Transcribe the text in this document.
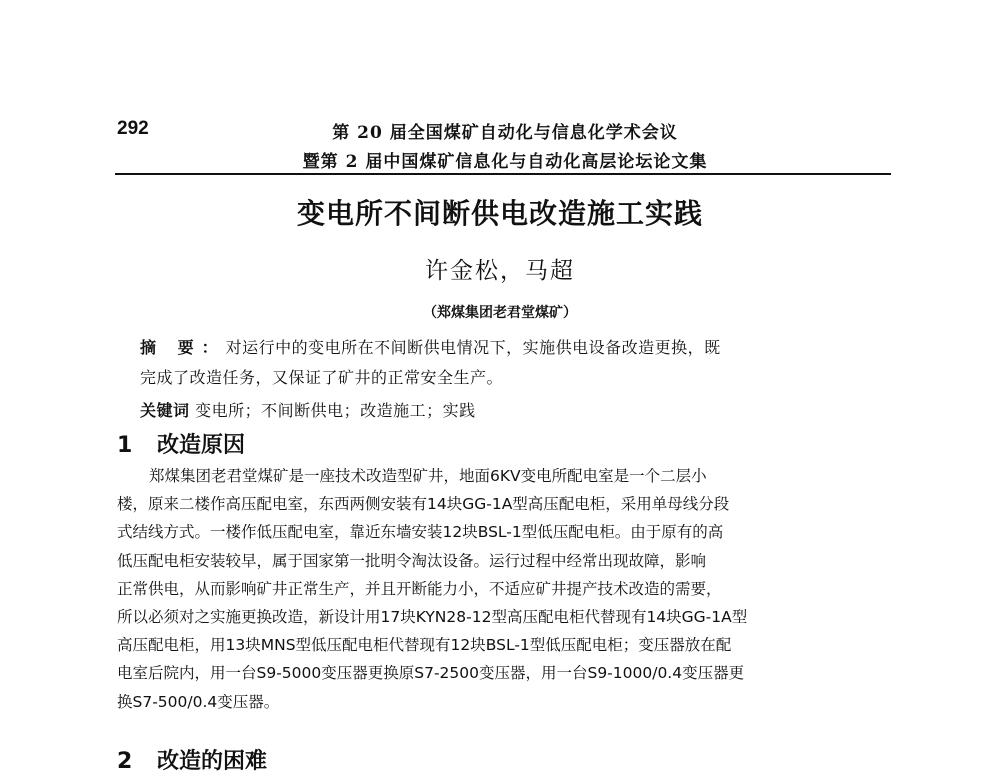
292	第 20 届全国煤矿自动化与信息化学术会议
暨第 2 届中国煤矿信息化与自动化高层论坛论文集
变电所不间断供电改造施工实践
许金松，马超
（郑煤集团老君堂煤矿）
摘 要：对运行中的变电所在不间断供电情况下，实施供电设备改造更换，既
完成了改造任务，又保证了矿井的正常安全生产。
关键词 变电所；不间断供电；改造施工；实践
1 改造原因
郑煤集团老君堂煤矿是一座技术改造型矿井，地面6KV变电所配电室是一个二层小
楼，原来二楼作高压配电室，东西两侧安装有14块GG-1A型高压配电柜，采用单母线分段
式结线方式。一楼作低压配电室，靠近东墙安装12块BSL-1型低压配电柜。由于原有的高
低压配电柜安装较早，属于国家第一批明令淘汰设备。运行过程中经常出现故障，影响
正常供电，从而影响矿井正常生产，并且开断能力小，不适应矿井提产技术改造的需要，
所以必须对之实施更换改造，新设计用17块KYN28-12型高压配电柜代替现有14块GG-1A型
高压配电柜，用13块MNS型低压配电柜代替现有12块BSL-1型低压配电柜；变压器放在配
电室后院内，用一台S9-5000变压器更换原S7-2500变压器，用一台S9-1000/0.4变压器更
换S7-500/0.4变压器。
2 改造的困难
